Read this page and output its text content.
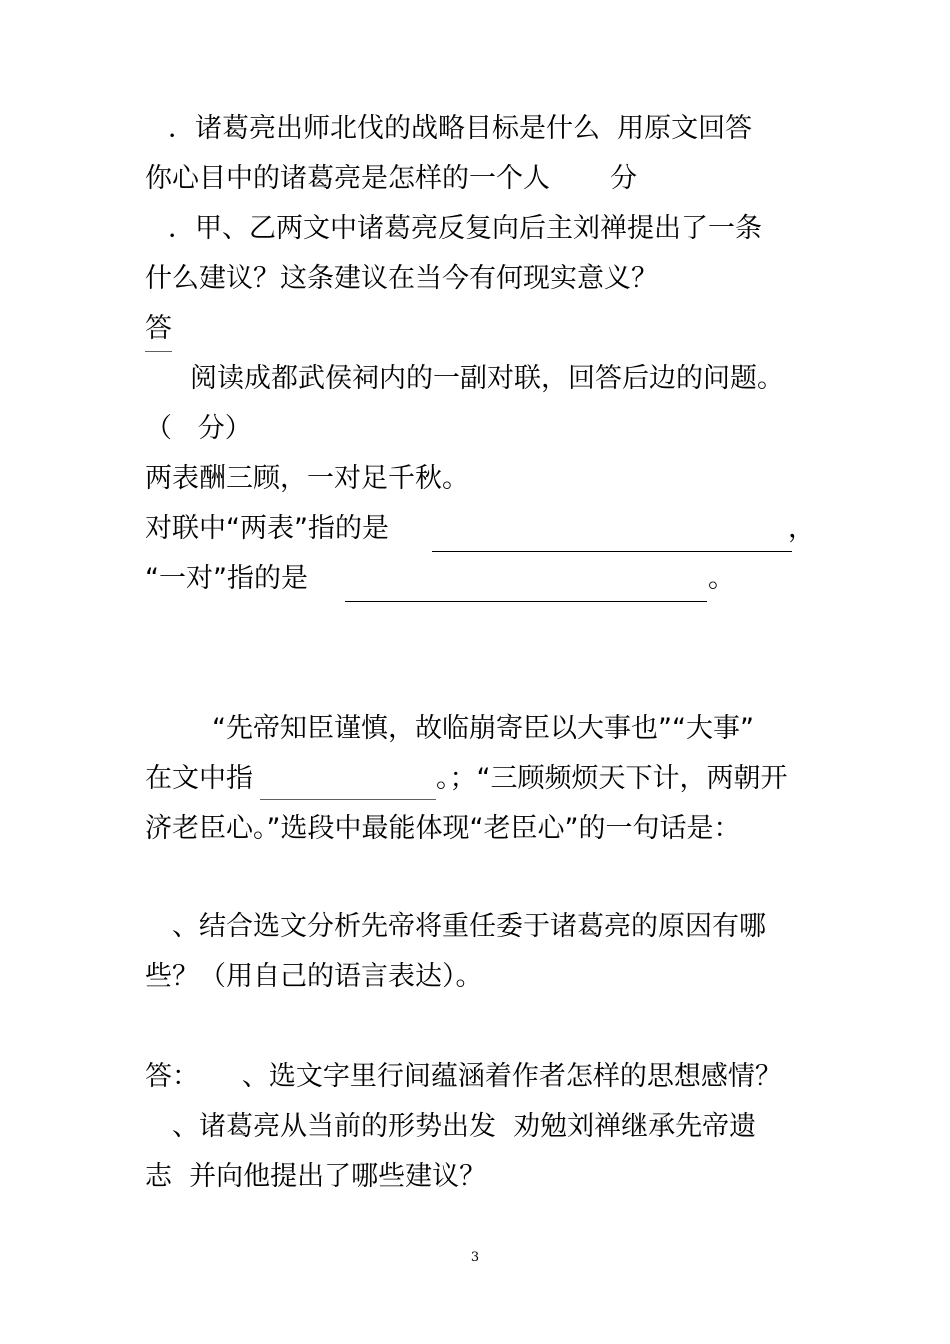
．诸葛亮出师北伐的战略目标是什么  用原文回答

你心目中的诸葛亮是怎样的一个人       分

．甲、乙两文中诸葛亮反复向后主刘禅提出了一条

什么建议？这条建议在当今有何现实意义？

答

阅读成都武侯祠内的一副对联，回答后边的问题。

（   分）

两表酬三顾，一对足千秋。

对联中“两表”指的是	，

“一对”指的是	。

“先帝知臣谨慎，故临崩寄臣以大事也”“大事”

在文中指	。；“三顾频烦天下计，两朝开

济老臣心。”选段中最能体现“老臣心”的一句话是：

、结合选文分析先帝将重任委于诸葛亮的原因有哪

些？（用自己的语言表达）。

答：     、选文字里行间蕴涵着作者怎样的思想感情？

、诸葛亮从当前的形势出发  劝勉刘禅继承先帝遗

志  并向他提出了哪些建议？

3
